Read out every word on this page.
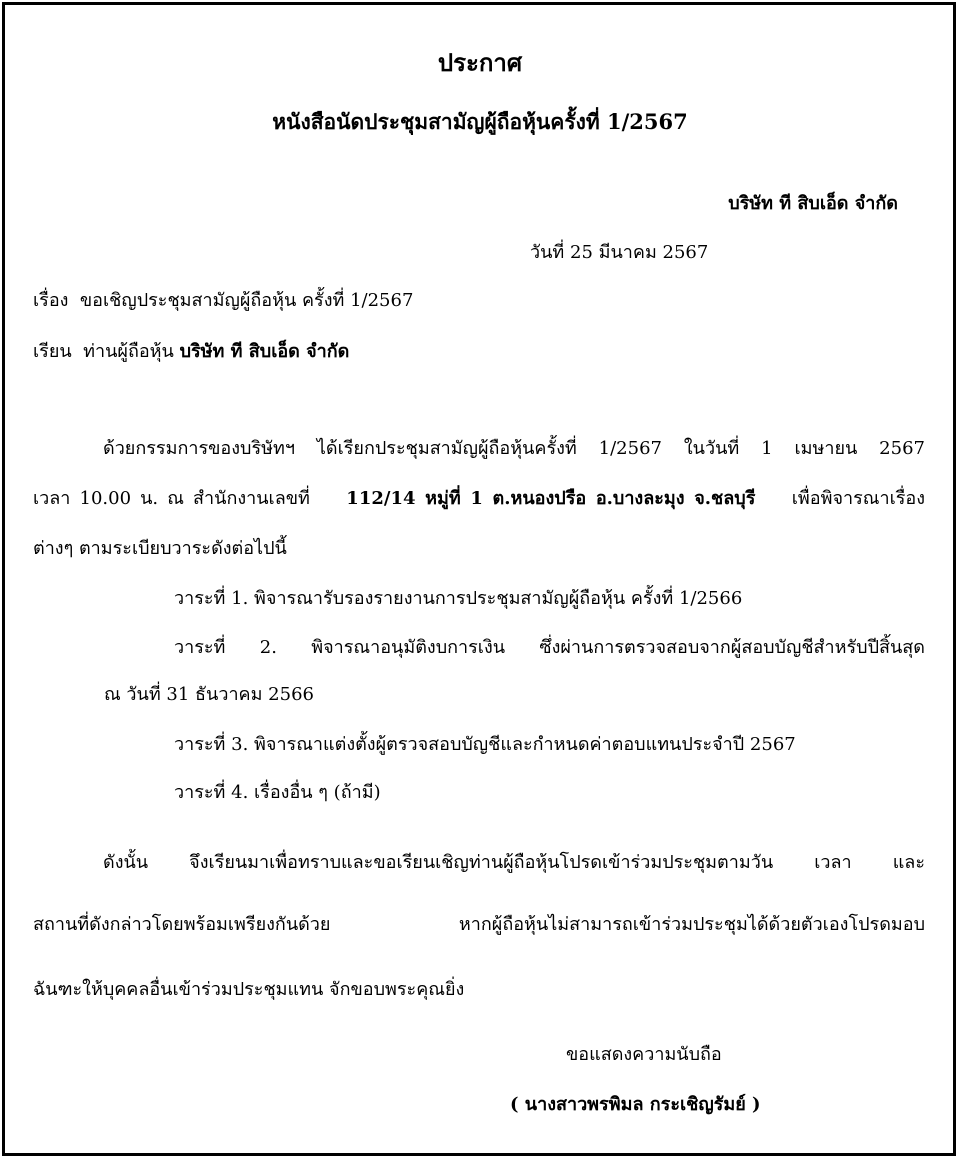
ประกาศ
หนังสือนัดประชุมสามัญผู้ถือหุ้นครั้งที่ 1/2567
บริษัท ที สิบเอ็ด จำกัด
วันที่ 25 มีนาคม 2567
เรื่อง ขอเชิญประชุมสามัญผู้ถือหุ้น ครั้งที่ 1/2567
เรียน ท่านผู้ถือหุ้น บริษัท ที สิบเอ็ด จำกัด
ด้วยกรรมการของบริษัทฯ ได้เรียกประชุมสามัญผู้ถือหุ้นครั้งที่ 1/2567 ในวันที่ 1 เมษายน 2567
เวลา 10.00 น. ณ สำนักงานเลขที่ 112/14 หมู่ที่ 1 ต.หนองปรือ อ.บางละมุง จ.ชลบุรี เพื่อพิจารณาเรื่อง
ต่างๆ ตามระเบียบวาระดังต่อไปนี้
วาระที่ 1. พิจารณารับรองรายงานการประชุมสามัญผู้ถือหุ้น ครั้งที่ 1/2566
วาระที่ 2. พิจารณาอนุมัติงบการเงิน ซึ่งผ่านการตรวจสอบจากผู้สอบบัญชีสำหรับปีสิ้นสุด
ณ วันที่ 31 ธันวาคม 2566
วาระที่ 3. พิจารณาแต่งตั้งผู้ตรวจสอบบัญชีและกำหนดค่าตอบแทนประจำปี 2567
วาระที่ 4. เรื่องอื่น ๆ (ถ้ามี)
ดังนั้น จึงเรียนมาเพื่อทราบและขอเรียนเชิญท่านผู้ถือหุ้นโปรดเข้าร่วมประชุมตามวัน เวลา และ
สถานที่ดังกล่าวโดยพร้อมเพรียงกันด้วย หากผู้ถือหุ้นไม่สามารถเข้าร่วมประชุมได้ด้วยตัวเองโปรดมอบ
ฉันฑะให้บุคคลอื่นเข้าร่วมประชุมแทน จักขอบพระคุณยิ่ง
ขอแสดงความนับถือ
( นางสาวพรพิมล กระเชิญรัมย์ )
